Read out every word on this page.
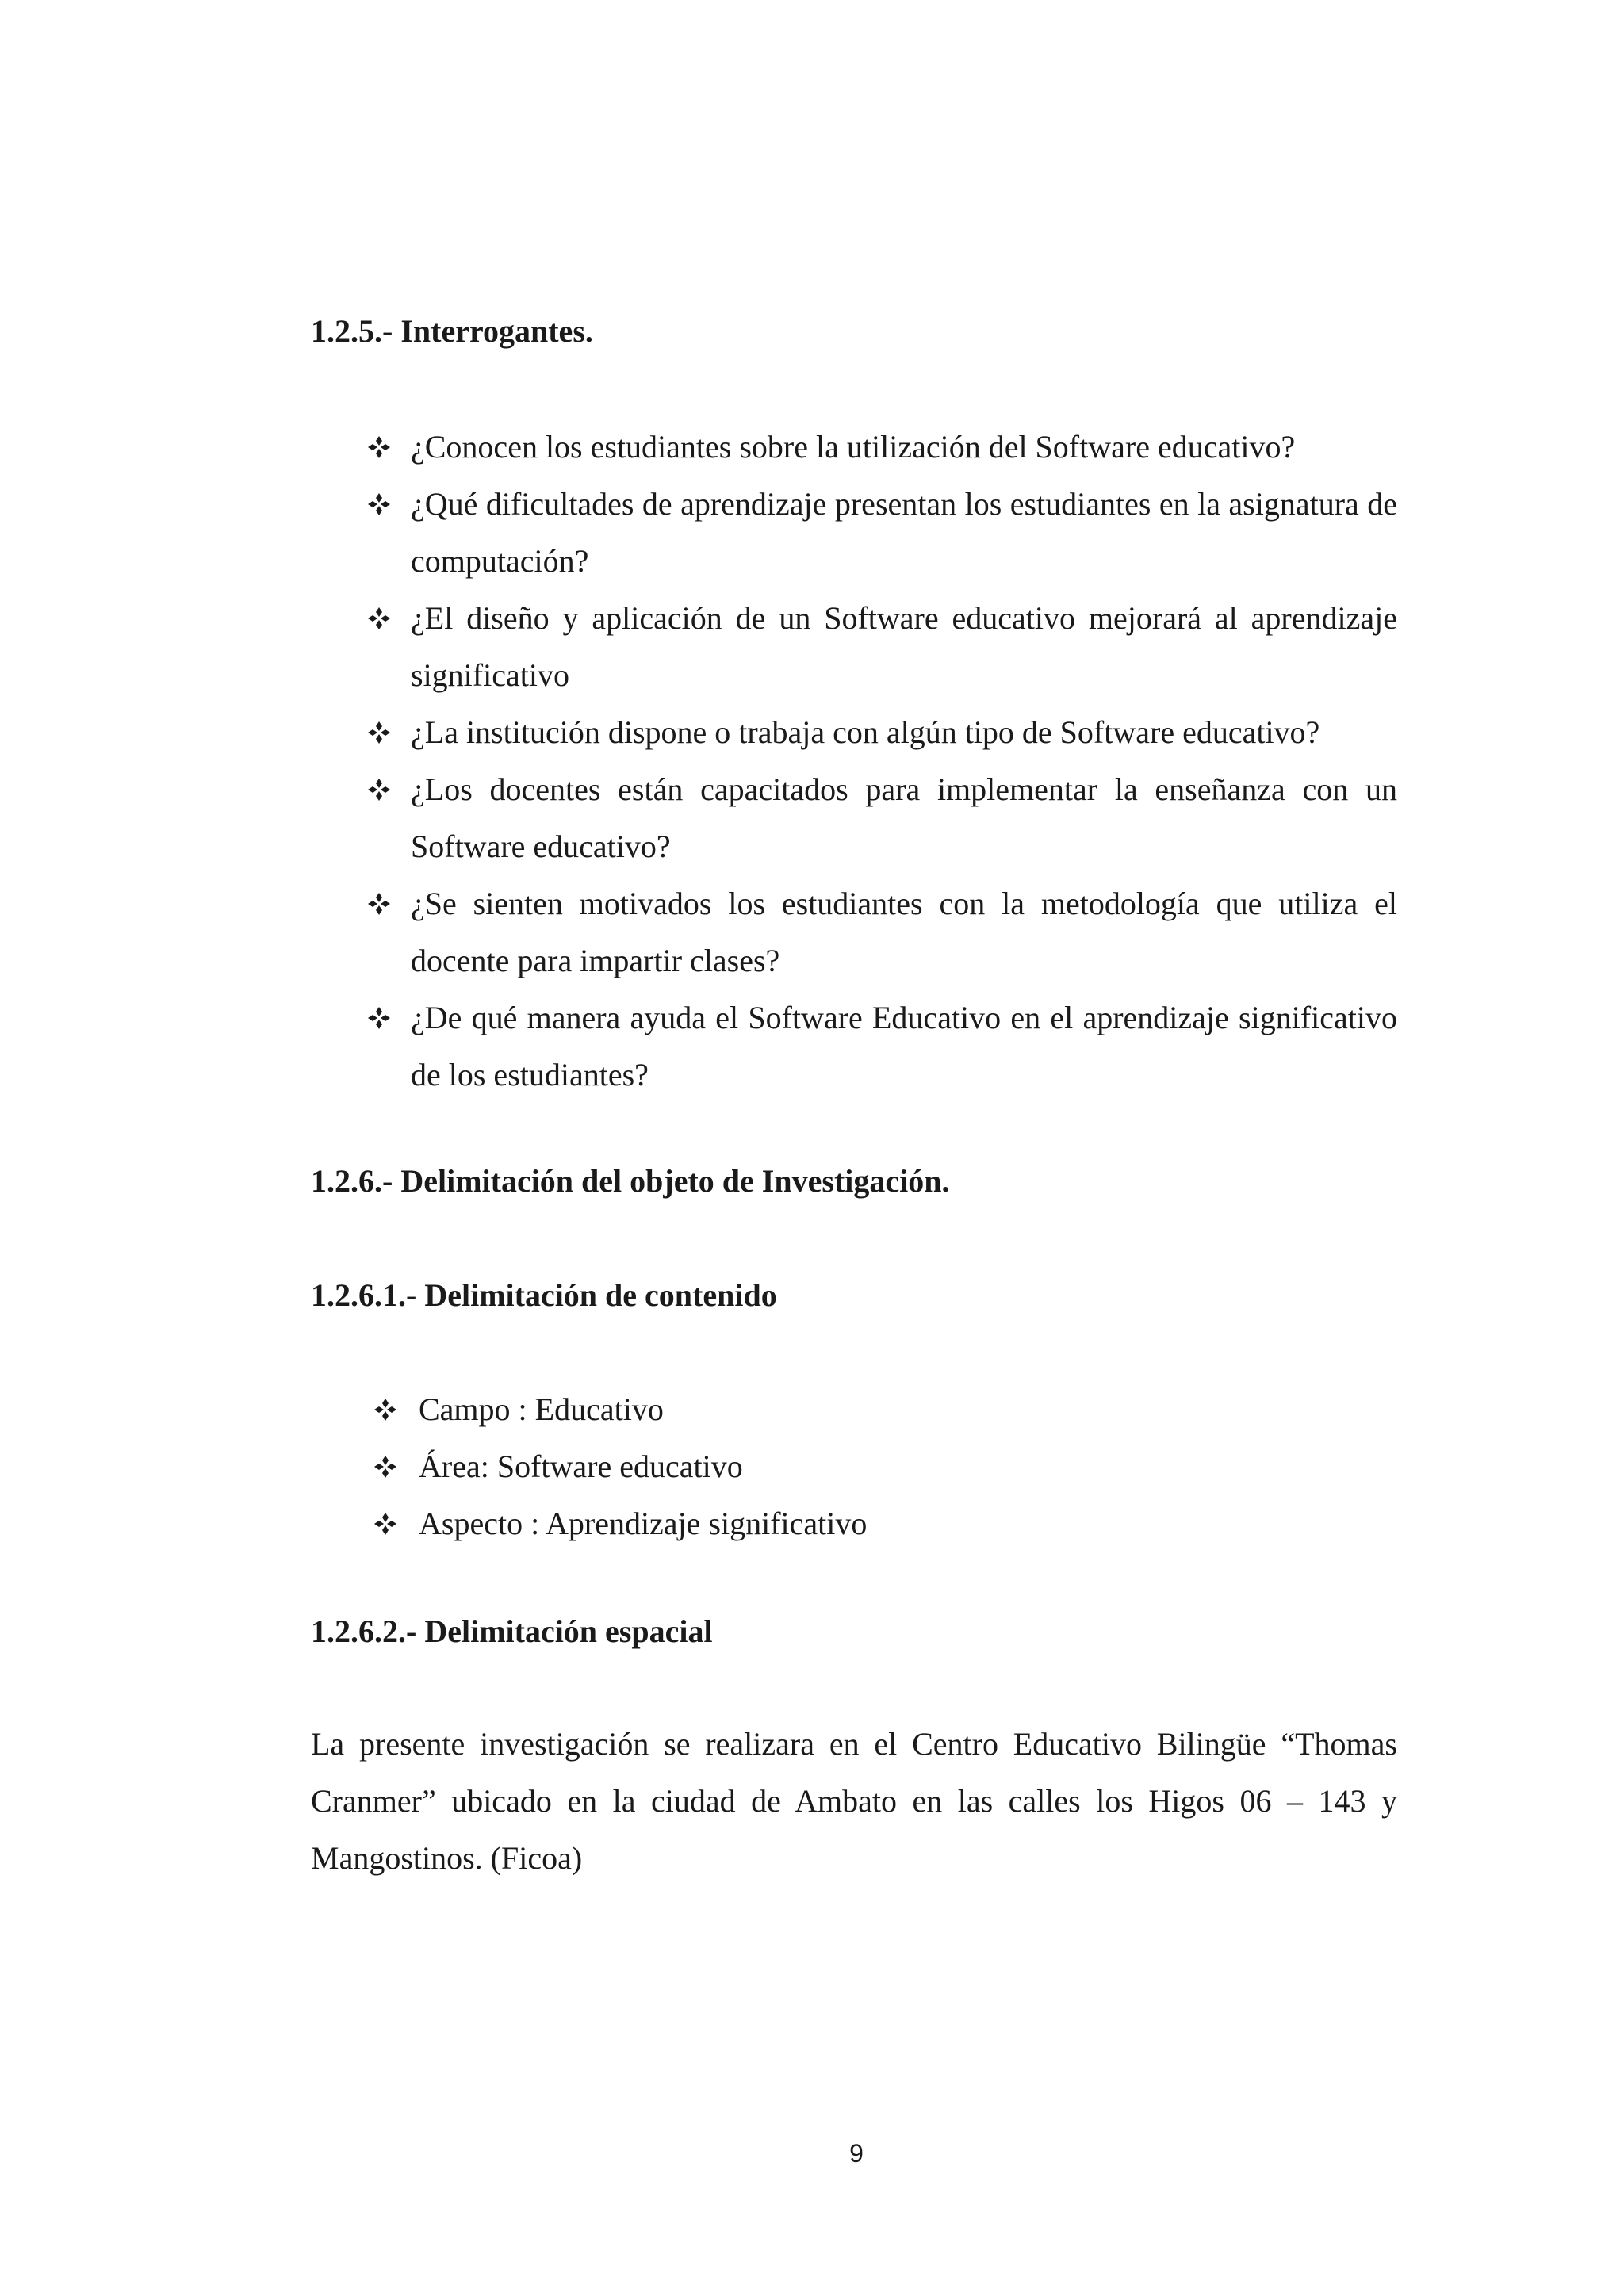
1.2.5.- Interrogantes.
¿Conocen los estudiantes sobre la utilización del Software educativo?
¿Qué dificultades de aprendizaje presentan los estudiantes en la asignatura de computación?
¿El diseño y aplicación de un Software educativo mejorará al aprendizaje significativo
¿La institución dispone o trabaja con algún tipo de Software educativo?
¿Los docentes están capacitados para implementar la enseñanza con un Software educativo?
¿Se sienten motivados los estudiantes con la metodología que utiliza el docente para impartir clases?
¿De qué manera ayuda el Software Educativo en el aprendizaje significativo de los estudiantes?
1.2.6.- Delimitación del objeto de Investigación.
1.2.6.1.- Delimitación de contenido
Campo : Educativo
Área: Software educativo
Aspecto : Aprendizaje significativo
1.2.6.2.- Delimitación espacial

La presente investigación se realizara en el Centro Educativo Bilingüe “Thomas Cranmer” ubicado en la ciudad de Ambato en las calles los Higos 06 – 143 y Mangostinos. (Ficoa)

9
